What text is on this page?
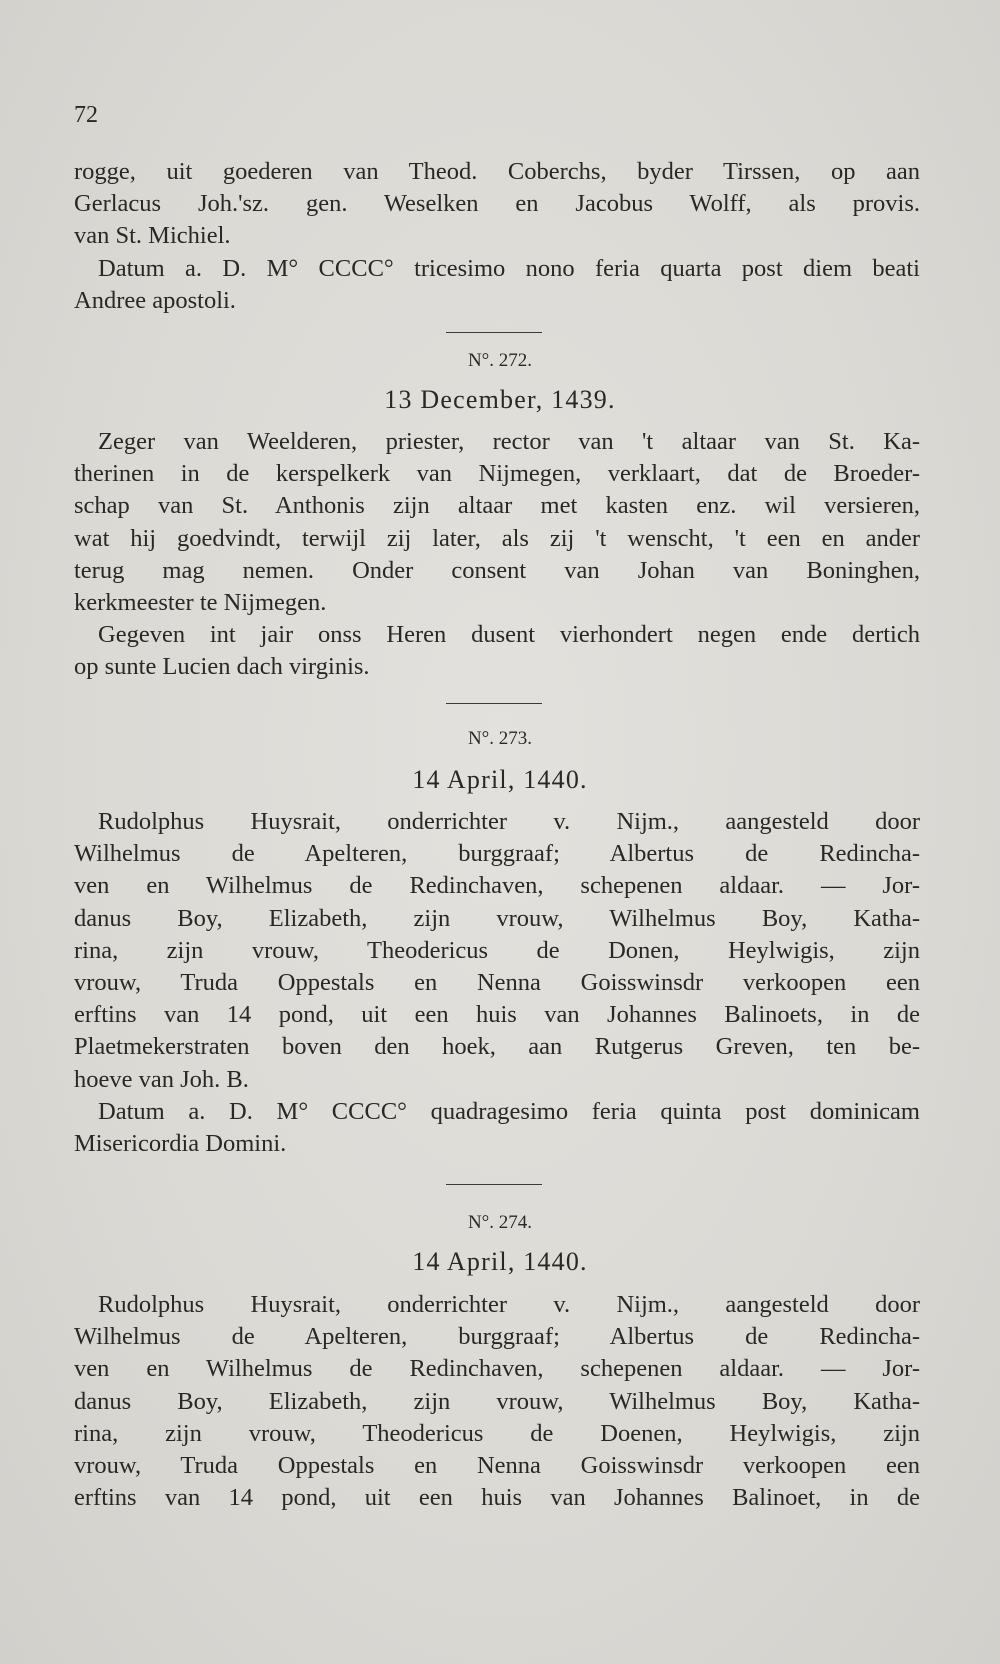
72
rogge, uit goederen van Theod. Coberchs, byder Tirssen, op aan
Gerlacus Joh.'sz. gen. Weselken en Jacobus Wolff, als provis.
van St. Michiel.
Datum a. D. M° CCCC° tricesimo nono feria quarta post diem beati
Andree apostoli.
N°. 272.
13 December, 1439.
Zeger van Weelderen, priester, rector van 't altaar van St. Ka-
therinen in de kerspelkerk van Nijmegen, verklaart, dat de Broeder-
schap van St. Anthonis zijn altaar met kasten enz. wil versieren,
wat hij goedvindt, terwijl zij later, als zij 't wenscht, 't een en ander
terug mag nemen. Onder consent van Johan van Boninghen,
kerkmeester te Nijmegen.
Gegeven int jair onss Heren dusent vierhondert negen ende dertich
op sunte Lucien dach virginis.
N°. 273.
14 April, 1440.
Rudolphus Huysrait, onderrichter v. Nijm., aangesteld door
Wilhelmus de Apelteren, burggraaf; Albertus de Redincha-
ven en Wilhelmus de Redinchaven, schepenen aldaar. — Jor-
danus Boy, Elizabeth, zijn vrouw, Wilhelmus Boy, Katha-
rina, zijn vrouw, Theodericus de Donen, Heylwigis, zijn
vrouw, Truda Oppestals en Nenna Goisswinsdr verkoopen een
erftins van 14 pond, uit een huis van Johannes Balinoets, in de
Plaetmekerstraten boven den hoek, aan Rutgerus Greven, ten be-
hoeve van Joh. B.
Datum a. D. M° CCCC° quadragesimo feria quinta post dominicam
Misericordia Domini.
N°. 274.
14 April, 1440.
Rudolphus Huysrait, onderrichter v. Nijm., aangesteld door
Wilhelmus de Apelteren, burggraaf; Albertus de Redincha-
ven en Wilhelmus de Redinchaven, schepenen aldaar. — Jor-
danus Boy, Elizabeth, zijn vrouw, Wilhelmus Boy, Katha-
rina, zijn vrouw, Theodericus de Doenen, Heylwigis, zijn
vrouw, Truda Oppestals en Nenna Goisswinsdr verkoopen een
erftins van 14 pond, uit een huis van Johannes Balinoet, in de
